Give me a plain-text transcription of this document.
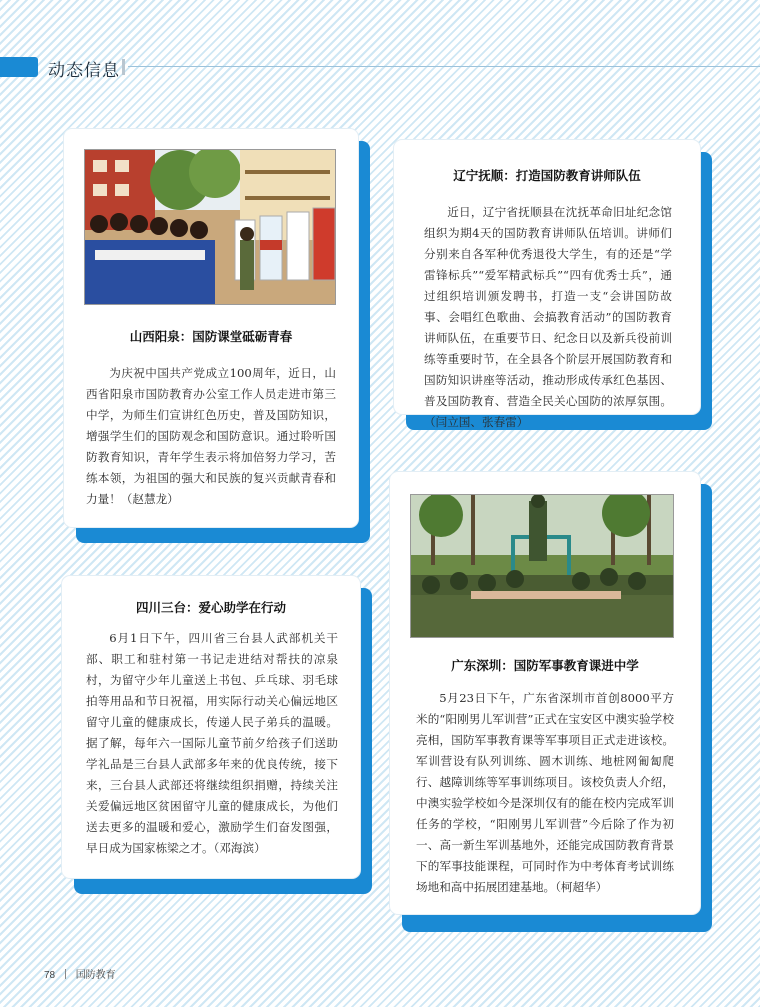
动态信息
山西阳泉：国防课堂砥砺青春

为庆祝中国共产党成立100周年，近日，山西省阳泉市国防教育办公室工作人员走进市第三中学，为师生们宣讲红色历史，普及国防知识，增强学生们的国防观念和国防意识。通过聆听国防教育知识，青年学生表示将加倍努力学习，苦练本领，为祖国的强大和民族的复兴贡献青春和力量！（赵慧龙）

辽宁抚顺：打造国防教育讲师队伍

近日，辽宁省抚顺县在沈抚革命旧址纪念馆组织为期4天的国防教育讲师队伍培训。讲师们分别来自各军种优秀退役大学生，有的还是“学雷锋标兵”“爱军精武标兵”“四有优秀士兵”，通过组织培训颁发聘书，打造一支“会讲国防故事、会唱红色歌曲、会搞教育活动”的国防教育讲师队伍，在重要节日、纪念日以及新兵役前训练等重要时节，在全县各个阶层开展国防教育和国防知识讲座等活动，推动形成传承红色基因、普及国防教育、营造全民关心国防的浓厚氛围。（闫立国、张春雷）

四川三台：爱心助学在行动

6月1日下午，四川省三台县人武部机关干部、职工和驻村第一书记走进结对帮扶的凉泉村，为留守少年儿童送上书包、乒乓球、羽毛球拍等用品和节日祝福，用实际行动关心偏远地区留守儿童的健康成长，传递人民子弟兵的温暖。据了解，每年六一国际儿童节前夕给孩子们送助学礼品是三台县人武部多年来的优良传统，接下来，三台县人武部还将继续组织捐赠，持续关注关爱偏远地区贫困留守儿童的健康成长，为他们送去更多的温暖和爱心，激励学生们奋发图强，早日成为国家栋梁之才。（邓海滨）

广东深圳：国防军事教育课进中学

5月23日下午，广东省深圳市首创8000平方米的“阳刚男儿军训营”正式在宝安区中澳实验学校亮相，国防军事教育课等军事项目正式走进该校。军训营设有队列训练、圆木训练、地桩网匍匐爬行、越障训练等军事训练项目。该校负责人介绍，中澳实验学校如今是深圳仅有的能在校内完成军训任务的学校，“阳刚男儿军训营”今后除了作为初一、高一新生军训基地外，还能完成国防教育背景下的军事技能课程，可同时作为中考体育考试训练场地和高中拓展团建基地。（柯超华）

78 国防教育
